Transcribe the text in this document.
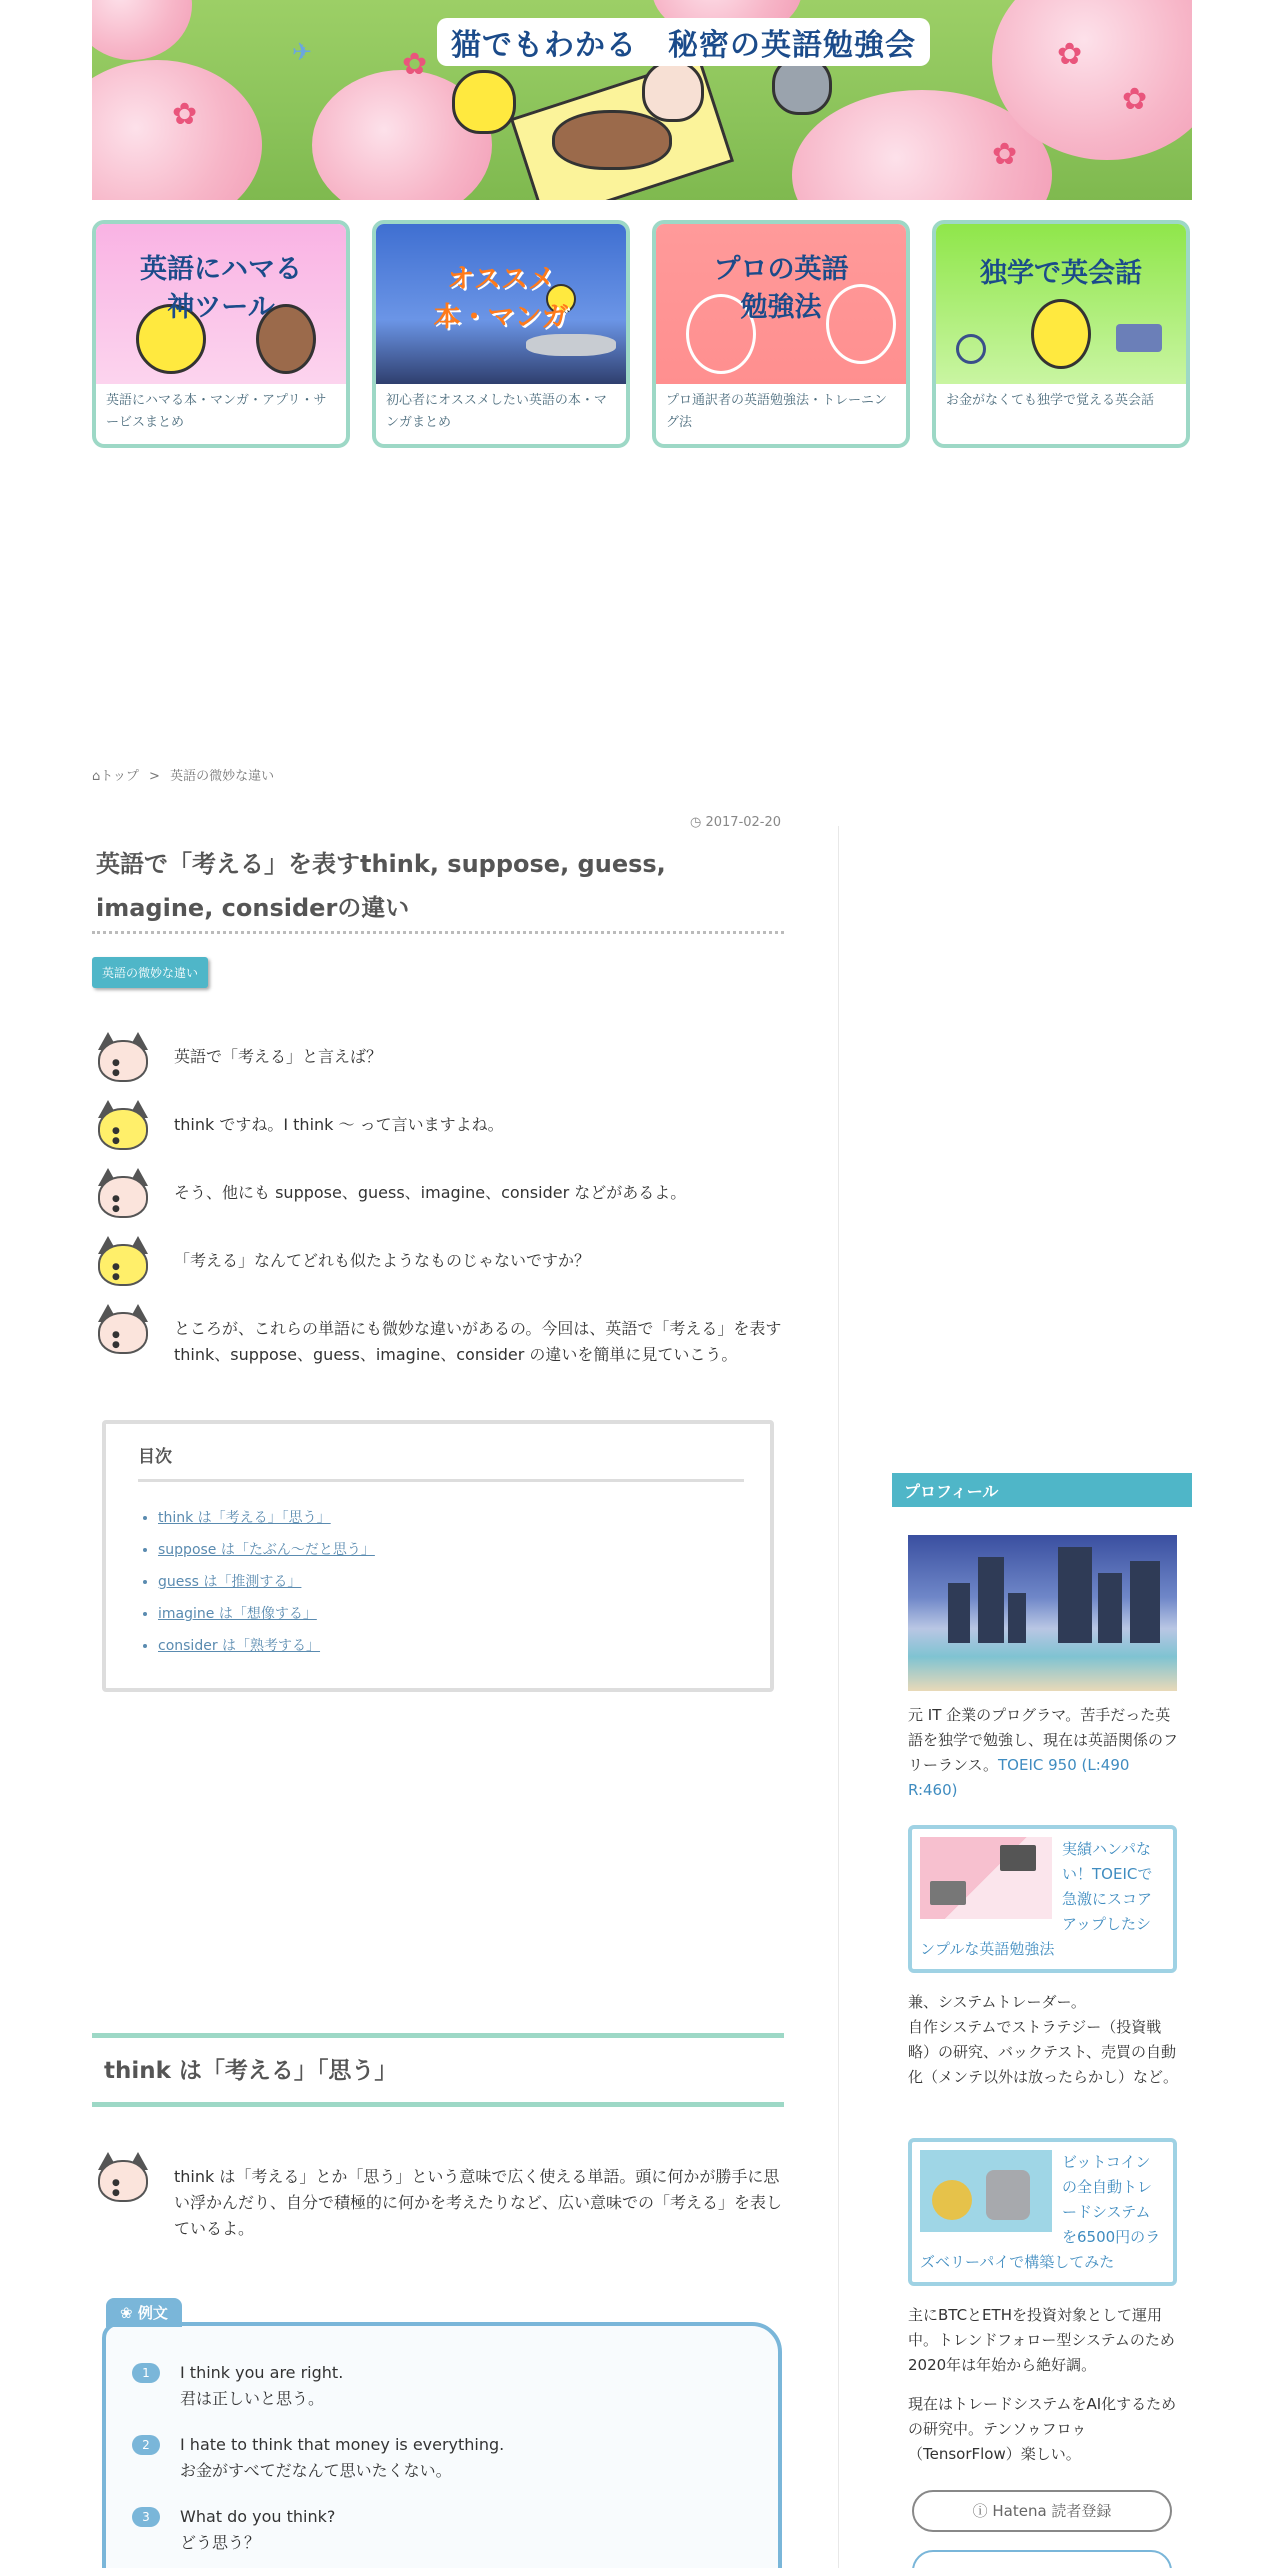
✿
✿
✿
✿
✿
✈	猫でもわかる　秘密の英語勉強会
英語にハマる
神ツール
英語にハマる本・マンガ・アプリ・サービスまとめ
オススメ
本・マンガ
初心者にオススメしたい英語の本・マンガまとめ
プロの英語
勉強法
プロ通訳者の英語勉強法・トレーニング法
独学で英会話
お金がなくても独学で覚える英会話
⌂トップ > 英語の微妙な違い
◷ 2017-02-20
英語で「考える」を表すthink, suppose, guess, imagine, considerの違い
英語の微妙な違い
● ●
英語で「考える」と言えば？
● ●
think ですね。I think 〜 って言いますよね。
● ●
そう、他にも suppose、guess、imagine、consider などがあるよ。
● ●
「考える」なんてどれも似たようなものじゃないですか？
● ●
ところが、これらの単語にも微妙な違いがあるの。今回は、英語で「考える」を表す think、suppose、guess、imagine、consider の違いを簡単に見ていこう。
目次
• think は「考える」「思う」
• suppose は「たぶん〜だと思う」
• guess は「推測する」
• imagine は「想像する」
• consider は「熟考する」
think は「考える」「思う」
● ●
think は「考える」とか「思う」という意味で広く使える単語。頭に何かが勝手に思い浮かんだり、自分で積極的に何かを考えたりなど、広い意味での「考える」を表しているよ。
❀ 例文
1	I think you are right.
君は正しいと思う。
2	I hate to think that money is everything.
お金がすべてだなんて思いたくない。
3	What do you think?
どう思う？
プロフィール
元 IT 企業のプログラマ。苦手だった英語を独学で勉強し、現在は英語関係のフリーランス。TOEIC 950 (L:490 R:460)
実績ハンパない！TOEICで急激にスコアアップしたシンプルな英語勉強法
兼、システムトレーダー。
自作システムでストラテジー（投資戦略）の研究、バックテスト、売買の自動化（メンテ以外は放ったらかし）など。
ビットコインの全自動トレードシステムを6500円のラズベリーパイで構築してみた
主にBTCとETHを投資対象として運用中。トレンドフォロー型システムのため2020年は年始から絶好調。
現在はトレードシステムをAI化するための研究中。テンソゥフロゥ（TensorFlow）楽しい。
ⓘ Hatena 読者登録
